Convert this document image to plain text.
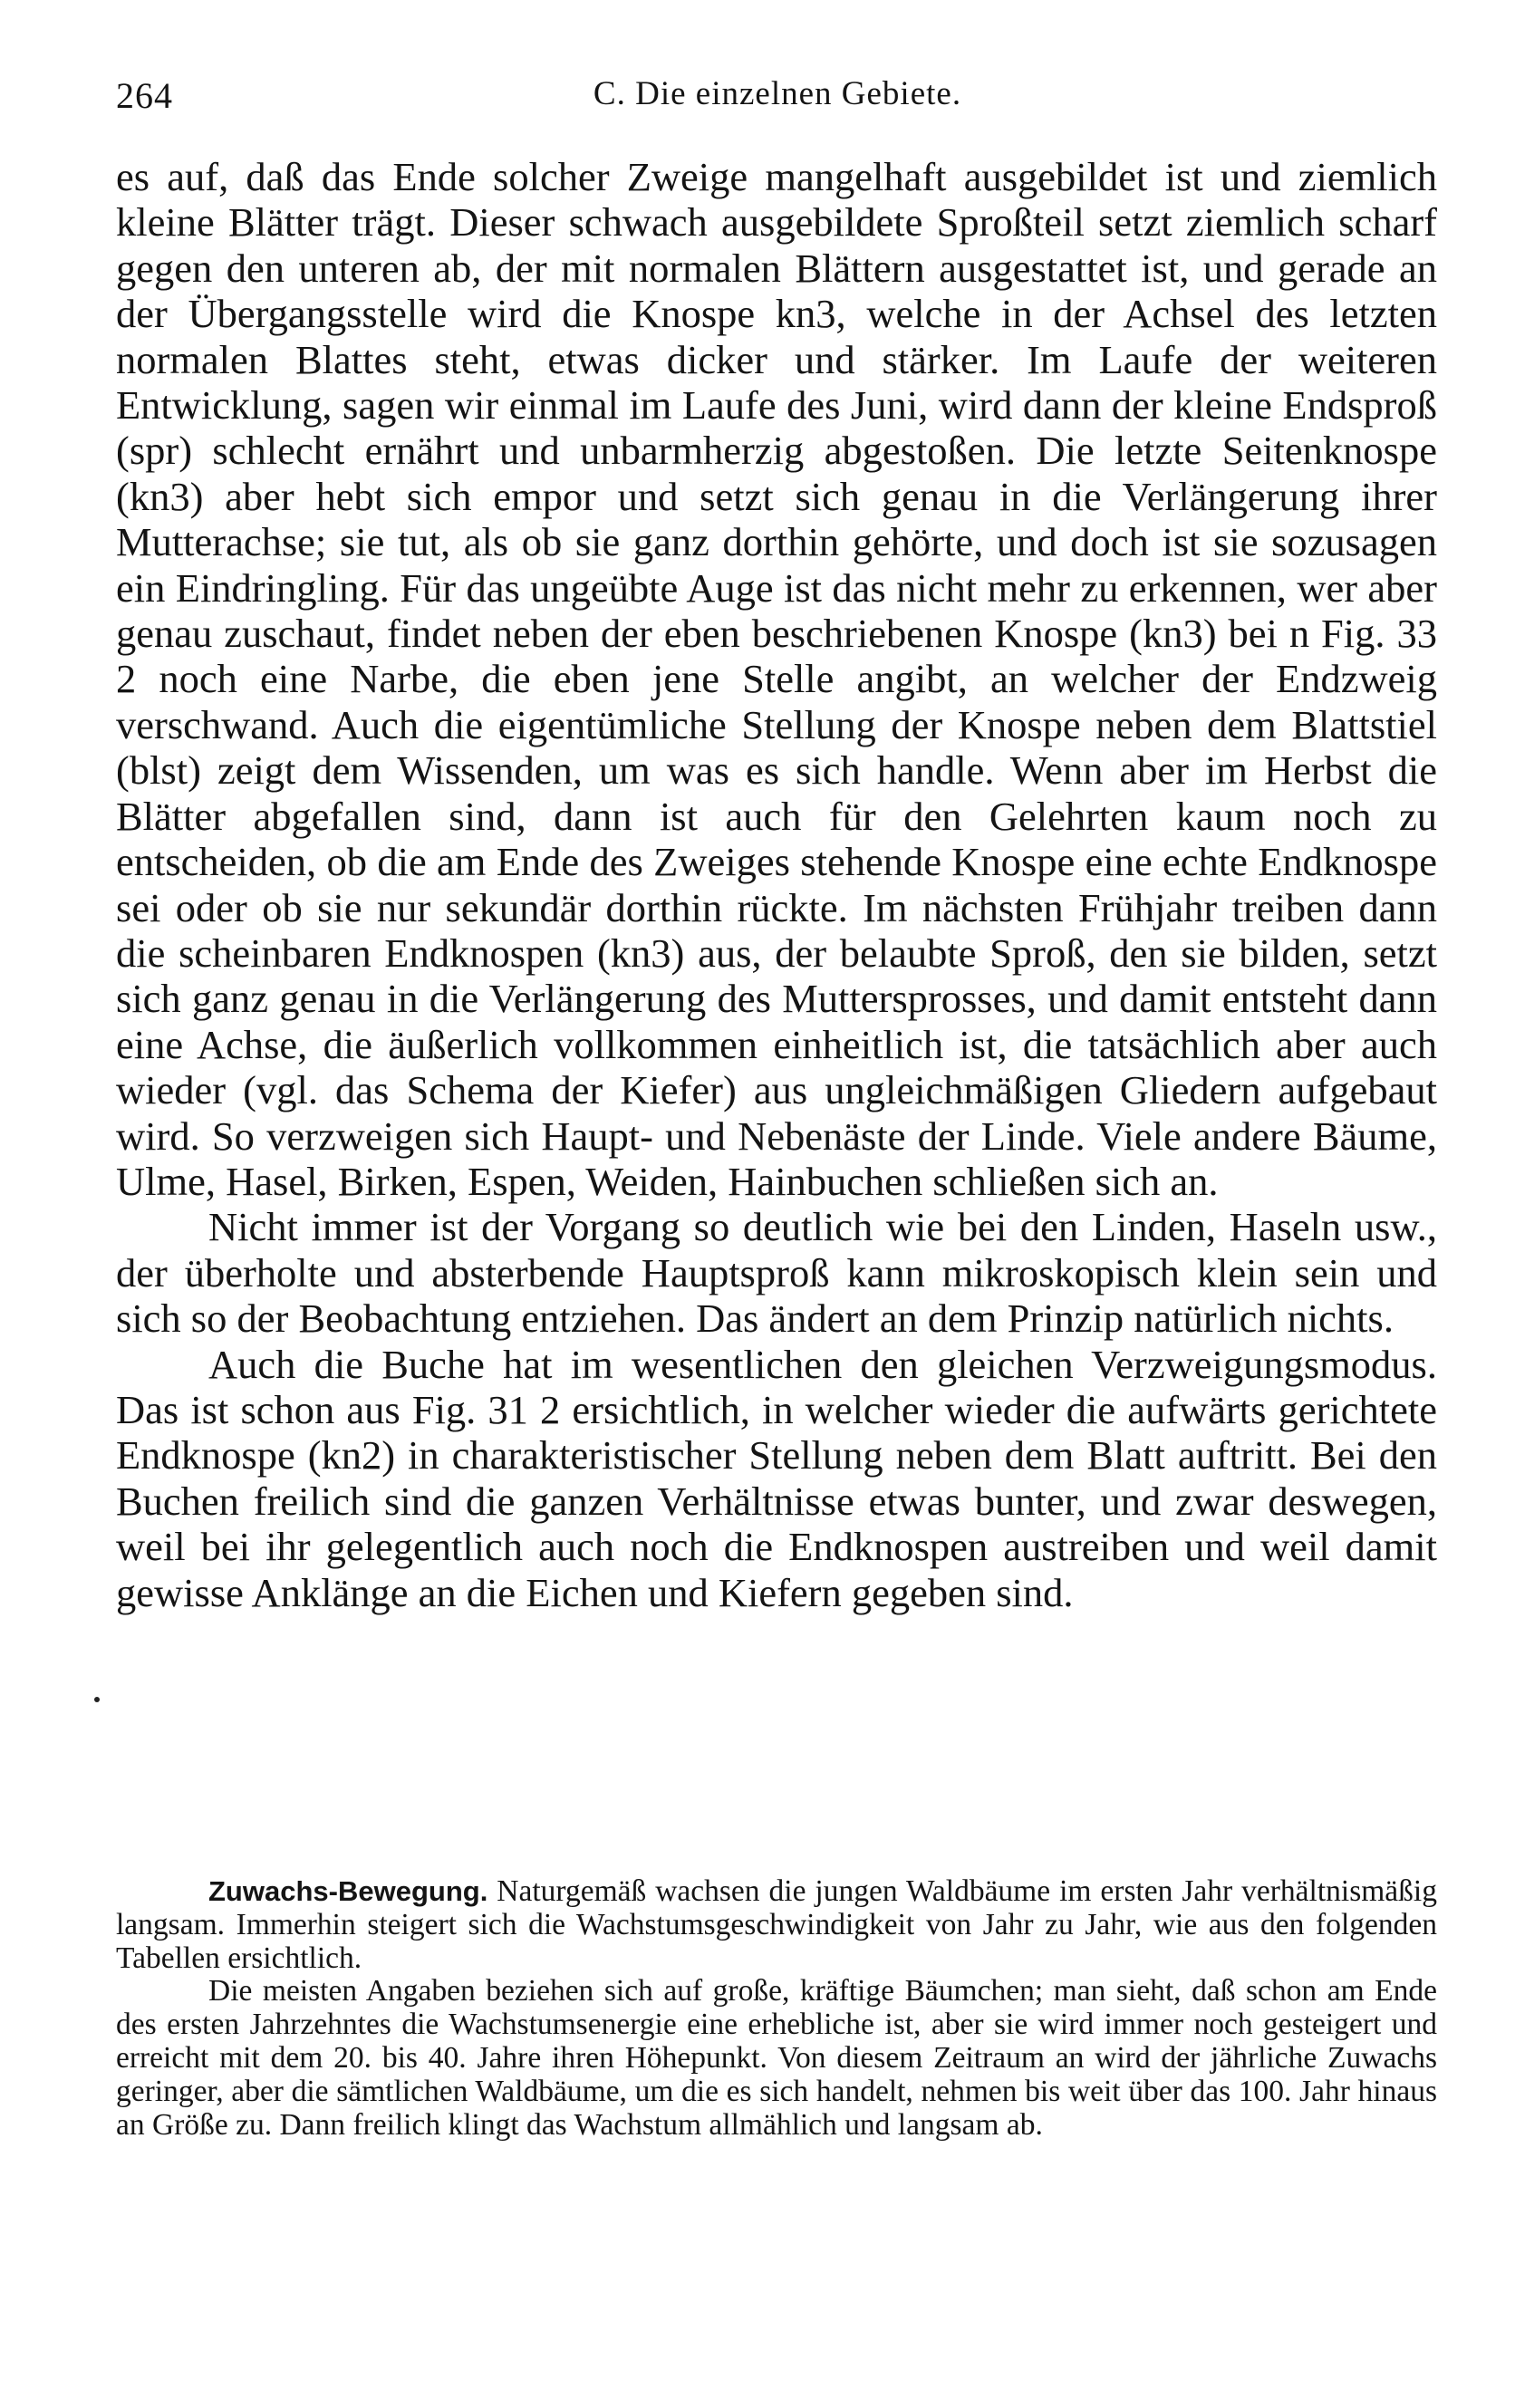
264	C. Die einzelnen Gebiete.

es auf, daß das Ende solcher Zweige mangelhaft ausgebildet ist und ziemlich kleine Blätter trägt. Dieser schwach ausgebildete Sproßteil setzt ziemlich scharf gegen den unteren ab, der mit normalen Blättern ausgestattet ist, und gerade an der Übergangsstelle wird die Knospe kn3, welche in der Achsel des letzten normalen Blattes steht, etwas dicker und stärker. Im Laufe der weiteren Entwicklung, sagen wir einmal im Laufe des Juni, wird dann der kleine Endsproß (spr) schlecht ernährt und unbarmherzig abgestoßen. Die letzte Seitenknospe (kn3) aber hebt sich empor und setzt sich genau in die Verlängerung ihrer Mutterachse; sie tut, als ob sie ganz dorthin gehörte, und doch ist sie sozusagen ein Eindringling. Für das ungeübte Auge ist das nicht mehr zu erkennen, wer aber genau zuschaut, findet neben der eben beschriebenen Knospe (kn3) bei n Fig. 33 2 noch eine Narbe, die eben jene Stelle angibt, an welcher der Endzweig verschwand. Auch die eigentümliche Stellung der Knospe neben dem Blattstiel (blst) zeigt dem Wissenden, um was es sich handle. Wenn aber im Herbst die Blätter abgefallen sind, dann ist auch für den Gelehrten kaum noch zu entscheiden, ob die am Ende des Zweiges stehende Knospe eine echte Endknospe sei oder ob sie nur sekundär dorthin rückte. Im nächsten Frühjahr treiben dann die scheinbaren Endknospen (kn3) aus, der belaubte Sproß, den sie bilden, setzt sich ganz genau in die Verlängerung des Muttersprosses, und damit entsteht dann eine Achse, die äußerlich vollkommen einheitlich ist, die tatsächlich aber auch wieder (vgl. das Schema der Kiefer) aus ungleichmäßigen Gliedern aufgebaut wird. So verzweigen sich Haupt- und Nebenäste der Linde. Viele andere Bäume, Ulme, Hasel, Birken, Espen, Weiden, Hainbuchen schließen sich an.

Nicht immer ist der Vorgang so deutlich wie bei den Linden, Haseln usw., der überholte und absterbende Hauptsproß kann mikroskopisch klein sein und sich so der Beobachtung entziehen. Das ändert an dem Prinzip natürlich nichts.

Auch die Buche hat im wesentlichen den gleichen Verzweigungsmodus. Das ist schon aus Fig. 31 2 ersichtlich, in welcher wieder die aufwärts gerichtete Endknospe (kn2) in charakteristischer Stellung neben dem Blatt auftritt. Bei den Buchen freilich sind die ganzen Verhältnisse etwas bunter, und zwar deswegen, weil bei ihr gelegentlich auch noch die Endknospen austreiben und weil damit gewisse Anklänge an die Eichen und Kiefern gegeben sind.

Zuwachs-Bewegung. Naturgemäß wachsen die jungen Waldbäume im ersten Jahr verhältnismäßig langsam. Immerhin steigert sich die Wachstumsgeschwindigkeit von Jahr zu Jahr, wie aus den folgenden Tabellen ersichtlich.

Die meisten Angaben beziehen sich auf große, kräftige Bäumchen; man sieht, daß schon am Ende des ersten Jahrzehntes die Wachstumsenergie eine erhebliche ist, aber sie wird immer noch gesteigert und erreicht mit dem 20. bis 40. Jahre ihren Höhepunkt. Von diesem Zeitraum an wird der jährliche Zuwachs geringer, aber die sämtlichen Waldbäume, um die es sich handelt, nehmen bis weit über das 100. Jahr hinaus an Größe zu. Dann freilich klingt das Wachstum allmählich und langsam ab.
